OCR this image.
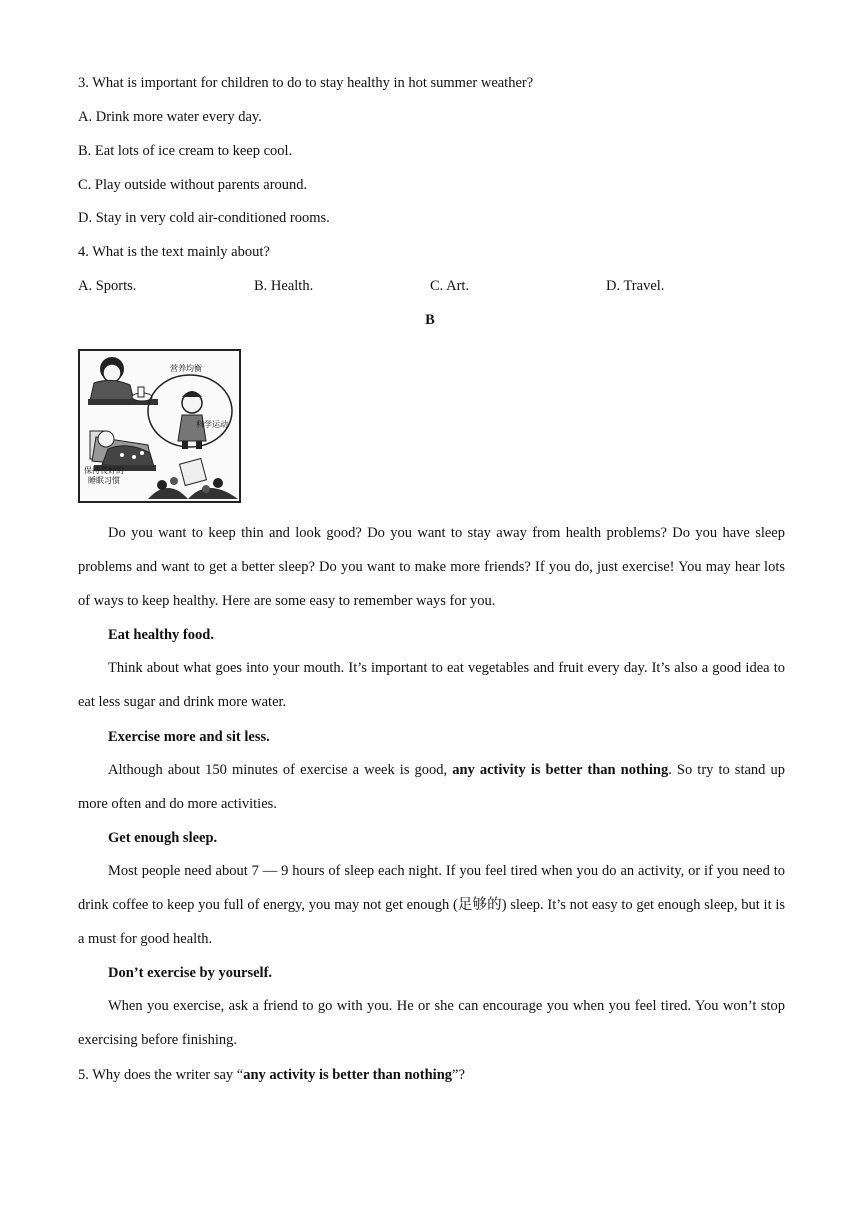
3. What is important for children to do to stay healthy in hot summer weather?
A. Drink more water every day.
B. Eat lots of ice cream to keep cool.
C. Play outside without parents around.
D. Stay in very cold air-conditioned rooms.
4. What is the text mainly about?
A. Sports.	B. Health.	C. Art.	D. Travel.
B
营养均衡
科学运动
保持良好的
睡眠习惯
Do you want to keep thin and look good? Do you want to stay away from health problems? Do you have sleep problems and want to get a better sleep? Do you want to make more friends? If you do, just exercise! You may hear lots of ways to keep healthy. Here are some easy to remember ways for you.
Eat healthy food.
Think about what goes into your mouth. It’s important to eat vegetables and fruit every day. It’s also a good idea to eat less sugar and drink more water.
Exercise more and sit less.
Although about 150 minutes of exercise a week is good, any activity is better than nothing. So try to stand up more often and do more activities.
Get enough sleep.
Most people need about 7 — 9 hours of sleep each night. If you feel tired when you do an activity, or if you need to drink coffee to keep you full of energy, you may not get enough (足够的) sleep. It’s not easy to get enough sleep, but it is a must for good health.
Don’t exercise by yourself.
When you exercise, ask a friend to go with you. He or she can encourage you when you feel tired. You won’t stop exercising before finishing.
5. Why does the writer say “any activity is better than nothing”?
